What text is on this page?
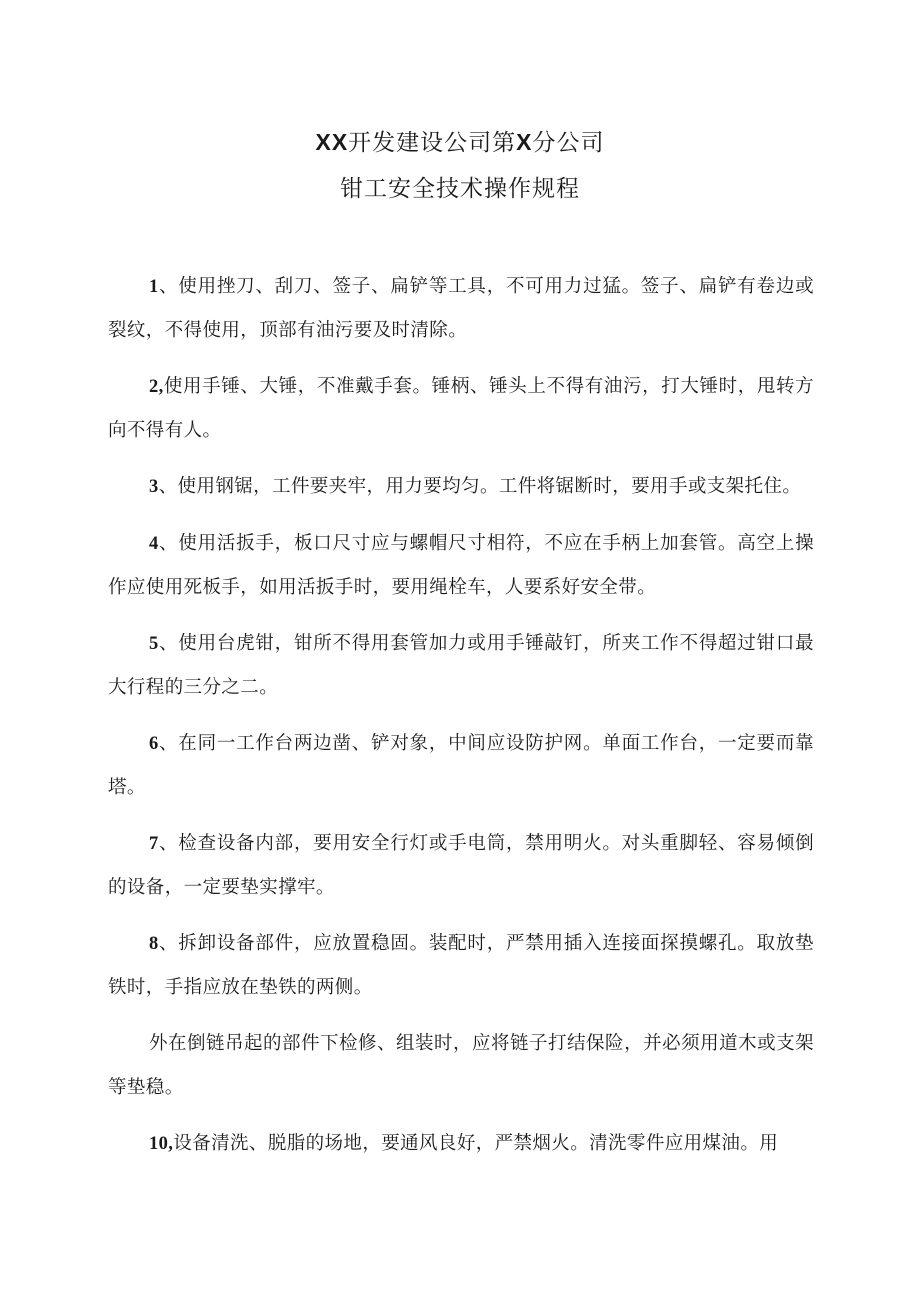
XX开发建设公司第X分公司
钳工安全技术操作规程

1、使用挫刀、刮刀、签子、扁铲等工具，不可用力过猛。签子、扁铲有卷边或裂纹，不得使用，顶部有油污要及时清除。

2,使用手锤、大锤，不准戴手套。锤柄、锤头上不得有油污，打大锤时，甩转方向不得有人。

3、使用钢锯，工件要夹牢，用力要均匀。工件将锯断时，要用手或支架托住。

4、使用活扳手，板口尺寸应与螺帽尺寸相符，不应在手柄上加套管。高空上操作应使用死板手，如用活扳手时，要用绳栓车，人要系好安全带。

5、使用台虎钳，钳所不得用套管加力或用手锤敲钉，所夹工作不得超过钳口最大行程的三分之二。

6、在同一工作台两边凿、铲对象，中间应设防护网。单面工作台，一定要而靠塔。

7、检查设备内部，要用安全行灯或手电筒，禁用明火。对头重脚轻、容易倾倒的设备，一定要垫实撑牢。

8、拆卸设备部件，应放置稳固。装配时，严禁用插入连接面探摸螺孔。取放垫铁时，手指应放在垫铁的两侧。

外在倒链吊起的部件下检修、组装时，应将链子打结保险，并必须用道木或支架等垫稳。

10,设备清洗、脱脂的场地，要通风良好，严禁烟火。清洗零件应用煤油。用
